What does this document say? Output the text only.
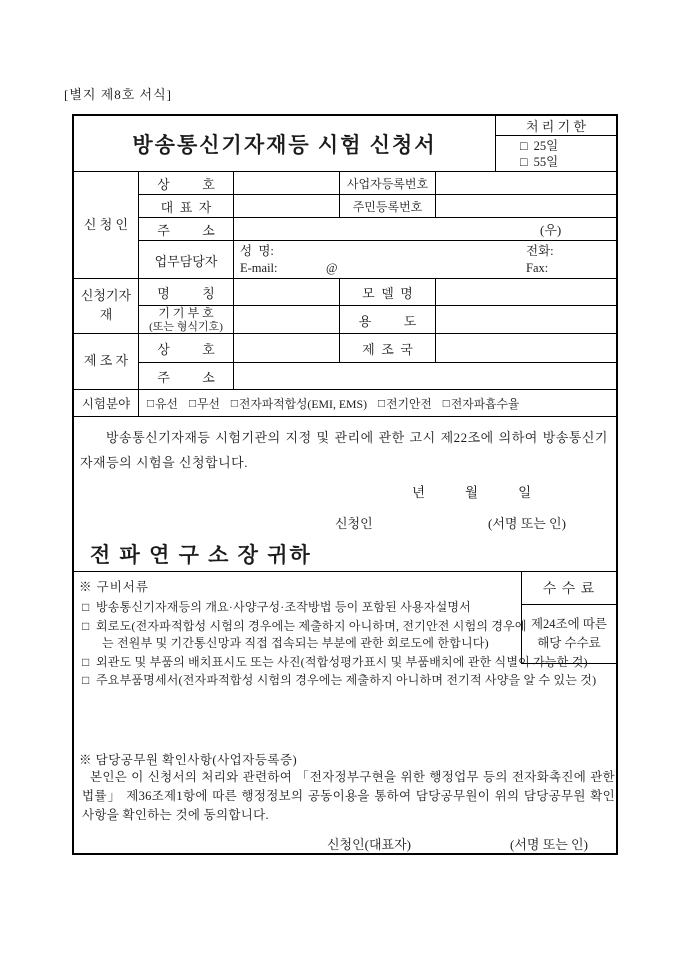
[별지 제8호 서식]
방송통신기자재등 시험 신청서
처 리 기 한
□ 25일
□ 55일
신 청 인
상          호	사업자등록번호
대  표  자	주민등록번호
주          소	(우)
업무담당자
성  명:	전화:
E-mail:	@	Fax:
신청기자 재
명          칭	모  델  명
기 기 부 호
(또는 형식기호)	용          도
제 조 자
상          호	제  조  국
주          소
시험분야	□ 유선 □ 무선 □ 전자파적합성(EMI, EMS) □ 전기안전 □ 전자파흡수율

방송통신기자재등 시험기관의 지정 및 관리에 관한 고시 제22조에 의하여 방송통신기자재등의 시험을 신청합니다.

년	월	일
신청인	(서명 또는 인)
전 파 연 구 소 장 귀하
수 수 료
제24조에 따른 해당 수수료
※ 구비서류
□ 방송통신기자재등의 개요·사양구성·조작방법 등이 포함된 사용자설명서
□ 회로도(전자파적합성 시험의 경우에는 제출하지 아니하며, 전기안전 시험의 경우에는 전원부 및 기간통신망과 직접 접속되는 부분에 관한 회로도에 한합니다)
□ 외관도 및 부품의 배치표시도 또는 사진(적합성평가표시 및 부품배치에 관한 식별이 가능한 것)
□ 주요부품명세서(전자파적합성 시험의 경우에는 제출하지 아니하며 전기적 사양을 알 수 있는 것)
※ 담당공무원 확인사항(사업자등록증)

본인은 이 신청서의 처리와 관련하여 「전자정부구현을 위한 행정업무 등의 전자화촉진에 관한 법률」 제36조제1항에 따른 행정정보의 공동이용을 통하여 담당공무원이 위의 담당공무원 확인사항을 확인하는 것에 동의합니다.

신청인(대표자)	(서명 또는 인)
